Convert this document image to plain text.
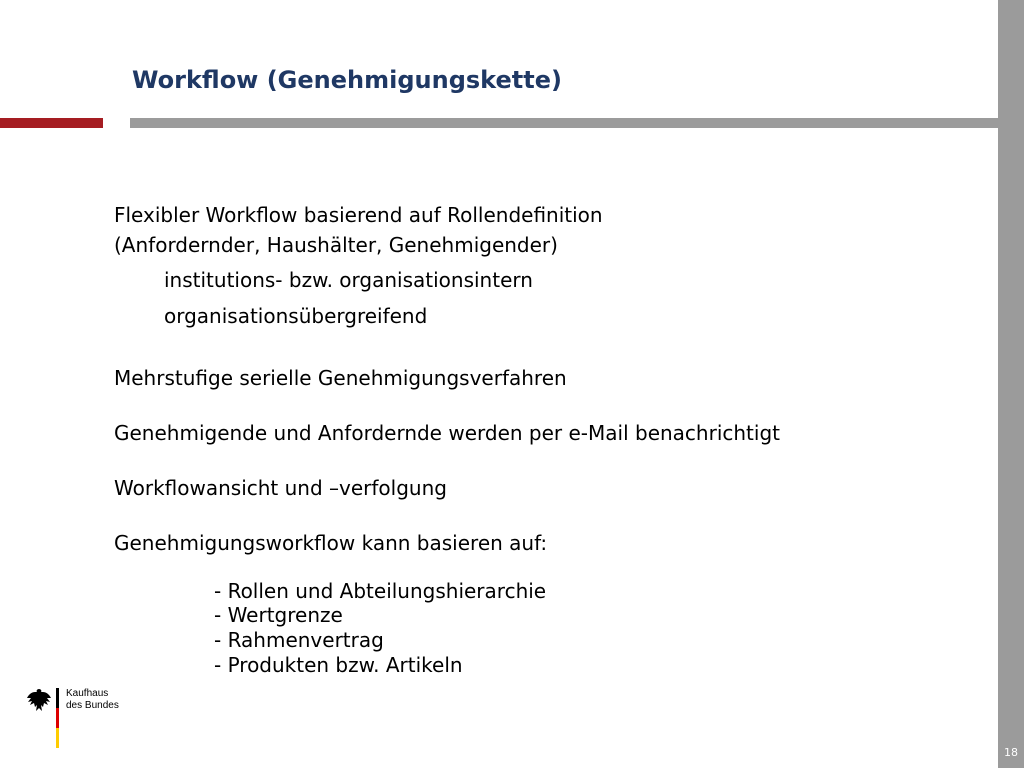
Workflow (Genehmigungskette)
Flexibler Workflow basierend auf Rollendefinition
(Anfordernder, Haushälter, Genehmigender)
institutions- bzw. organisationsintern
organisationsübergreifend
Mehrstufige serielle Genehmigungsverfahren
Genehmigende und Anfordernde werden per e-Mail benachrichtigt
Workflowansicht und –verfolgung
Genehmigungsworkflow kann basieren auf:
- Rollen und Abteilungshierarchie
- Wertgrenze
- Rahmenvertrag
- Produkten bzw. Artikeln
Kaufhaus
des Bundes
18
